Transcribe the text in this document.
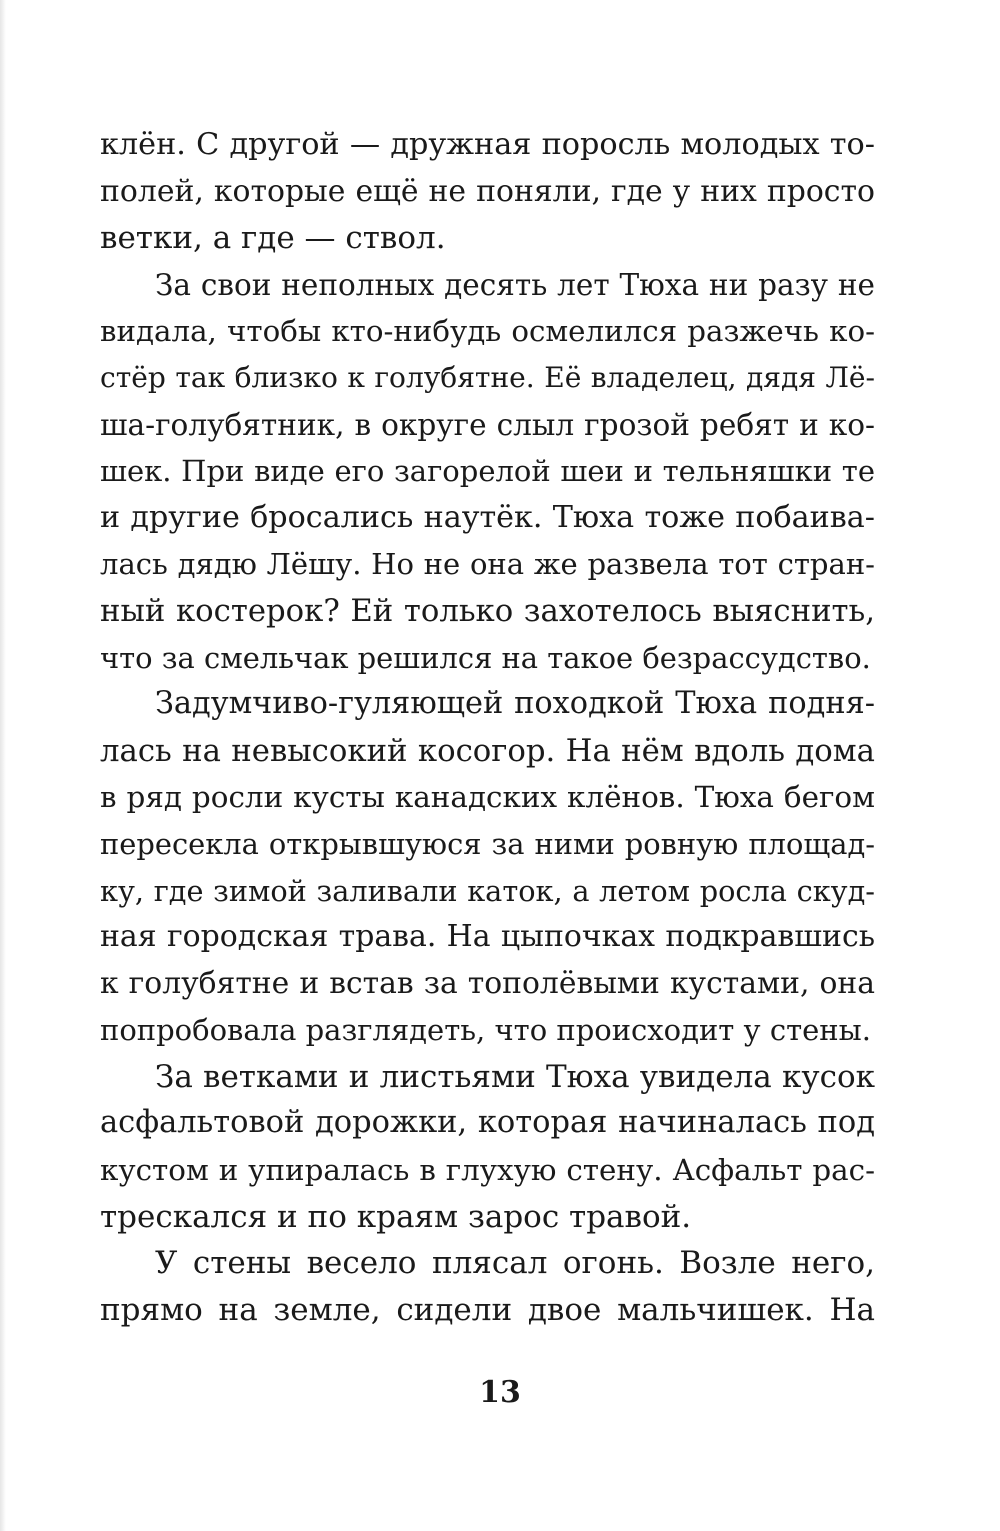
клён. С другой — дружная поросль молодых то-
полей, которые ещё не поняли, где у них просто
ветки, а где — ствол.
За свои неполных десять лет Тюха ни разу не
видала, чтобы кто-нибудь осмелился разжечь ко-
стёр так близко к голубятне. Её владелец, дядя Лё-
ша-голубятник, в округе слыл грозой ребят и ко-
шек. При виде его загорелой шеи и тельняшки те
и другие бросались наутёк. Тюха тоже побаива-
лась дядю Лёшу. Но не она же развела тот стран-
ный костерок? Ей только захотелось выяснить,
что за смельчак решился на такое безрассудство.
Задумчиво-гуляющей походкой Тюха подня-
лась на невысокий косогор. На нём вдоль дома
в ряд росли кусты канадских клёнов. Тюха бегом
пересекла открывшуюся за ними ровную площад-
ку, где зимой заливали каток, а летом росла скуд-
ная городская трава. На цыпочках подкравшись
к голубятне и встав за тополёвыми кустами, она
попробовала разглядеть, что происходит у стены.
За ветками и листьями Тюха увидела кусок
асфальтовой дорожки, которая начиналась под
кустом и упиралась в глухую стену. Асфальт рас-
трескался и по краям зарос травой.
У стены весело плясал огонь. Возле него,
прямо на земле, сидели двое мальчишек. На
13
